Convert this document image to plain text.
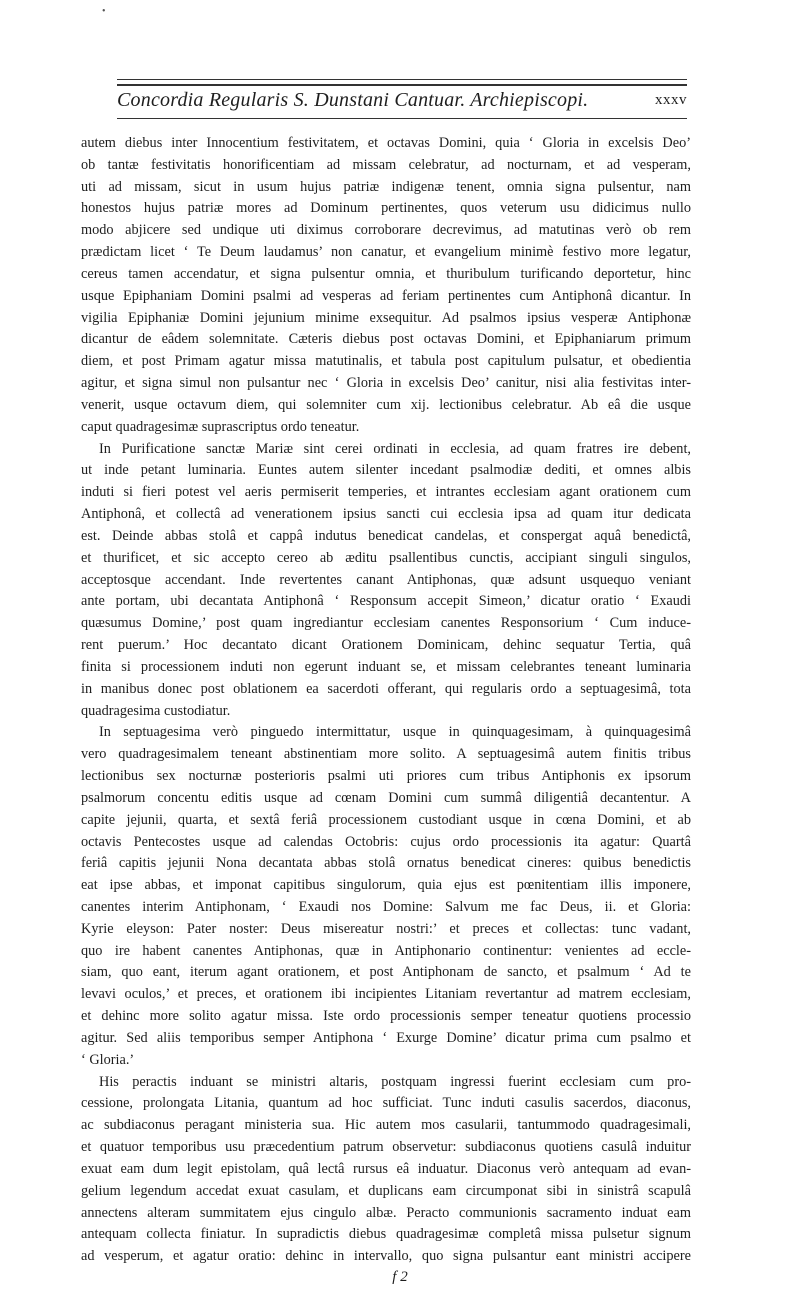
•
Concordia Regularis S. Dunstani Cantuar. Archiepiscopi.	xxxv
autem diebus inter Innocentium festivitatem, et octavas Domini, quia ‘ Gloria in excelsis Deo’
ob tantæ festivitatis honorificentiam ad missam celebratur, ad nocturnam, et ad vesperam,
uti ad missam, sicut in usum hujus patriæ indigenæ tenent, omnia signa pulsentur, nam
honestos hujus patriæ mores ad Dominum pertinentes, quos veterum usu didicimus nullo
modo abjicere sed undique uti diximus corroborare decrevimus, ad matutinas verò ob rem
prædictam licet ‘ Te Deum laudamus’ non canatur, et evangelium minimè festivo more legatur,
cereus tamen accendatur, et signa pulsentur omnia, et thuribulum turificando deportetur, hinc
usque Epiphaniam Domini psalmi ad vesperas ad feriam pertinentes cum Antiphonâ dicantur. In
vigilia Epiphaniæ Domini jejunium minime exsequitur. Ad psalmos ipsius vesperæ Antiphonæ
dicantur de eâdem solemnitate. Cæteris diebus post octavas Domini, et Epiphaniarum primum
diem, et post Primam agatur missa matutinalis, et tabula post capitulum pulsatur, et obedientia
agitur, et signa simul non pulsantur nec ‘ Gloria in excelsis Deo’ canitur, nisi alia festivitas inter-
venerit, usque octavum diem, qui solemniter cum xij. lectionibus celebratur. Ab eâ die usque
caput quadragesimæ suprascriptus ordo teneatur.
In Purificatione sanctæ Mariæ sint cerei ordinati in ecclesia, ad quam fratres ire debent,
ut inde petant luminaria. Euntes autem silenter incedant psalmodiæ dediti, et omnes albis
induti si fieri potest vel aeris permiserit temperies, et intrantes ecclesiam agant orationem cum
Antiphonâ, et collectâ ad venerationem ipsius sancti cui ecclesia ipsa ad quam itur dedicata
est. Deinde abbas stolâ et cappâ indutus benedicat candelas, et conspergat aquâ benedictâ,
et thurificet, et sic accepto cereo ab æditu psallentibus cunctis, accipiant singuli singulos,
acceptosque accendant. Inde revertentes canant Antiphonas, quæ adsunt usquequo veniant
ante portam, ubi decantata Antiphonâ ‘ Responsum accepit Simeon,’ dicatur oratio ‘ Exaudi
quæsumus Domine,’ post quam ingrediantur ecclesiam canentes Responsorium ‘ Cum induce-
rent puerum.’ Hoc decantato dicant Orationem Dominicam, dehinc sequatur Tertia, quâ
finita si processionem induti non egerunt induant se, et missam celebrantes teneant luminaria
in manibus donec post oblationem ea sacerdoti offerant, qui regularis ordo a septuagesimâ, tota
quadragesima custodiatur.
In septuagesima verò pinguedo intermittatur, usque in quinquagesimam, à quinquagesimâ
vero quadragesimalem teneant abstinentiam more solito. A septuagesimâ autem finitis tribus
lectionibus sex nocturnæ posterioris psalmi uti priores cum tribus Antiphonis ex ipsorum
psalmorum concentu editis usque ad cœnam Domini cum summâ diligentiâ decantentur. A
capite jejunii, quarta, et sextâ feriâ processionem custodiant usque in cœna Domini, et ab
octavis Pentecostes usque ad calendas Octobris: cujus ordo processionis ita agatur: Quartâ
feriâ capitis jejunii Nona decantata abbas stolâ ornatus benedicat cineres: quibus benedictis
eat ipse abbas, et imponat capitibus singulorum, quia ejus est pœnitentiam illis imponere,
canentes interim Antiphonam, ‘ Exaudi nos Domine: Salvum me fac Deus, ii. et Gloria:
Kyrie eleyson: Pater noster: Deus misereatur nostri:’ et preces et collectas: tunc vadant,
quo ire habent canentes Antiphonas, quæ in Antiphonario continentur: venientes ad eccle-
siam, quo eant, iterum agant orationem, et post Antiphonam de sancto, et psalmum ‘ Ad te
levavi oculos,’ et preces, et orationem ibi incipientes Litaniam revertantur ad matrem ecclesiam,
et dehinc more solito agatur missa. Iste ordo processionis semper teneatur quotiens processio
agitur. Sed aliis temporibus semper Antiphona ‘ Exurge Domine’ dicatur prima cum psalmo et
‘ Gloria.’
His peractis induant se ministri altaris, postquam ingressi fuerint ecclesiam cum pro-
cessione, prolongata Litania, quantum ad hoc sufficiat. Tunc induti casulis sacerdos, diaconus,
ac subdiaconus peragant ministeria sua. Hic autem mos casularii, tantummodo quadragesimali,
et quatuor temporibus usu præcedentium patrum observetur: subdiaconus quotiens casulâ induitur
exuat eam dum legit epistolam, quâ lectâ rursus eâ induatur. Diaconus verò antequam ad evan-
gelium legendum accedat exuat casulam, et duplicans eam circumponat sibi in sinistrâ scapulâ
annectens alteram summitatem ejus cingulo albæ. Peracto communionis sacramento induat eam
antequam collecta finiatur. In supradictis diebus quadragesimæ completâ missa pulsetur signum
ad vesperum, et agatur oratio: dehinc in intervallo, quo signa pulsantur eant ministri accipere
f 2
